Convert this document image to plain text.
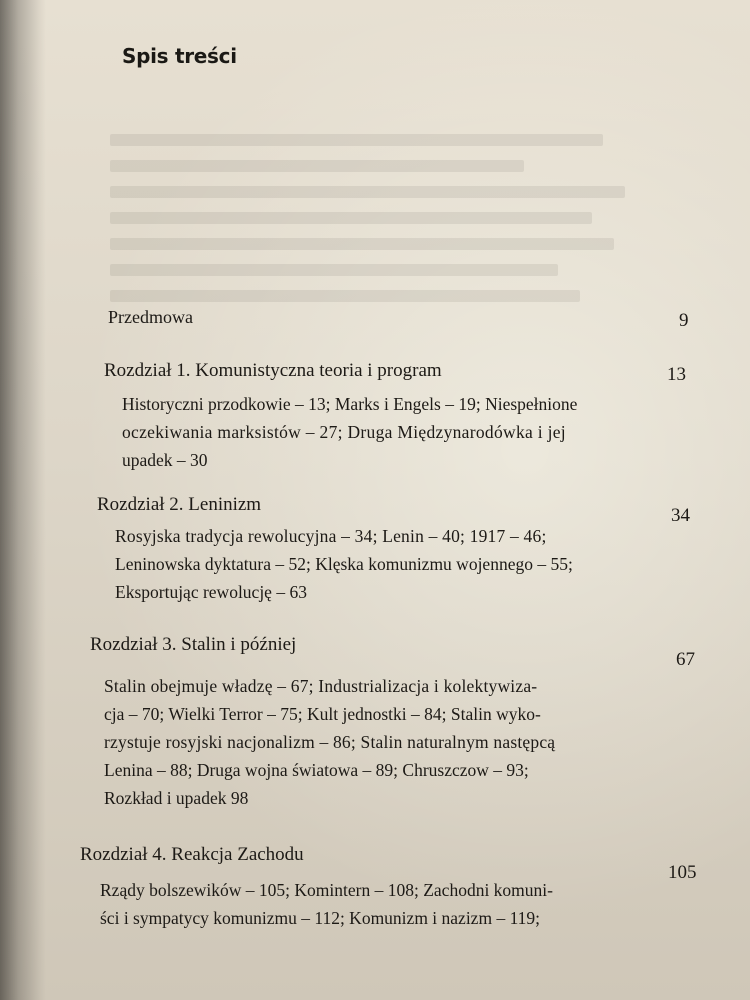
Spis treści
Przedmowa	9
Rozdział 1. Komunistyczna teoria i program	13
Historyczni przodkowie – 13; Marks i Engels – 19; Niespełnione
oczekiwania marksistów – 27; Druga Międzynarodówka i jej
upadek – 30
Rozdział 2. Leninizm
34
Rosyjska tradycja rewolucyjna – 34; Lenin – 40; 1917 – 46;
Leninowska dyktatura – 52; Klęska komunizmu wojennego – 55;
Eksportując rewolucję – 63
Rozdział 3. Stalin i później
67
Stalin obejmuje władzę – 67; Industrializacja i kolektywiza-
cja – 70; Wielki Terror – 75; Kult jednostki – 84; Stalin wyko-
rzystuje rosyjski nacjonalizm – 86; Stalin naturalnym następcą
Lenina – 88; Druga wojna światowa – 89; Chruszczow – 93;
Rozkład i upadek 98
Rozdział 4. Reakcja Zachodu
105
Rządy bolszewików – 105; Komintern – 108; Zachodni komuni-
ści i sympatycy komunizmu – 112; Komunizm i nazizm – 119;
